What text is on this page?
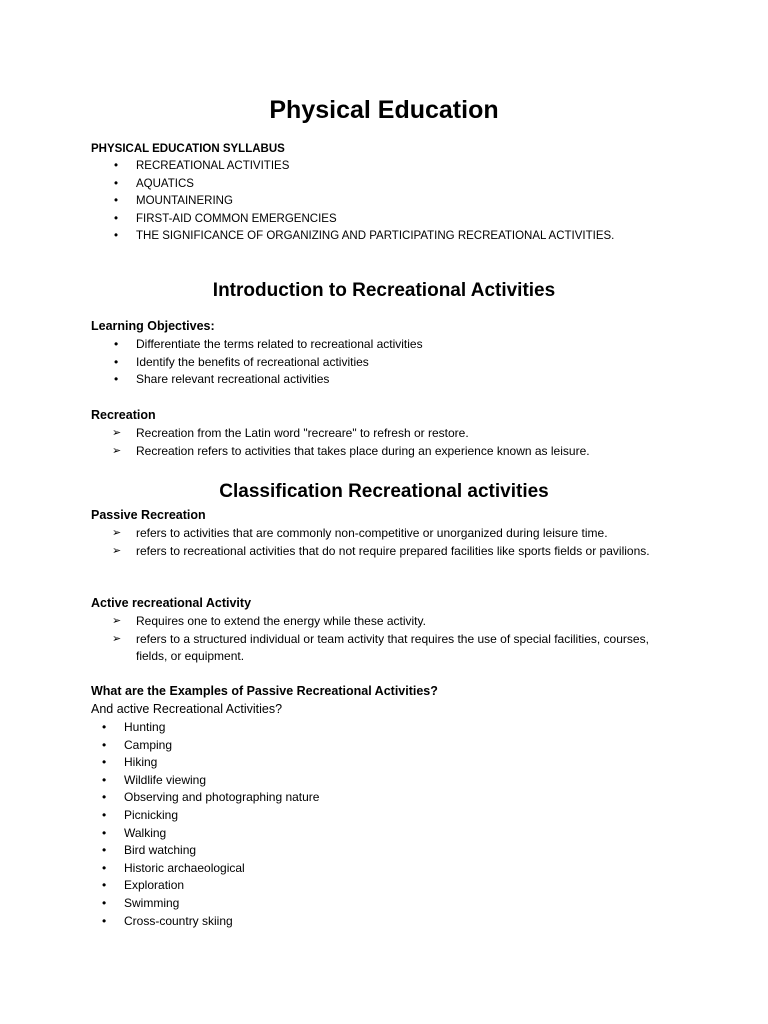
Physical Education

PHYSICAL EDUCATION SYLLABUS

•	RECREATIONAL ACTIVITIES
•	AQUATICS
•	MOUNTAINERING
•	FIRST-AID COMMON EMERGENCIES
•	THE SIGNIFICANCE OF ORGANIZING AND PARTICIPATING RECREATIONAL ACTIVITIES.
Introduction to Recreational Activities

Learning Objectives:

•	Differentiate the terms related to recreational activities
•	Identify the benefits of recreational activities
•	Share relevant recreational activities

Recreation

➢	Recreation from the Latin word "recreare" to refresh or restore.
➢	Recreation refers to activities that takes place during an experience known as leisure.
Classification Recreational activities

Passive Recreation

➢	refers to activities that are commonly non-competitive or unorganized during leisure time.
➢	refers to recreational activities that do not require prepared facilities like sports fields or pavilions.

Active recreational Activity

➢	Requires one to extend the energy while these activity.
➢	refers to a structured individual or team activity that requires the use of special facilities, courses, fields, or equipment.

What are the Examples of Passive Recreational Activities?

And active Recreational Activities?

•	Hunting
•	Camping
•	Hiking
•	Wildlife viewing
•	Observing and photographing nature
•	Picnicking
•	Walking
•	Bird watching
•	Historic archaeological
•	Exploration
•	Swimming
•	Cross-country skiing
